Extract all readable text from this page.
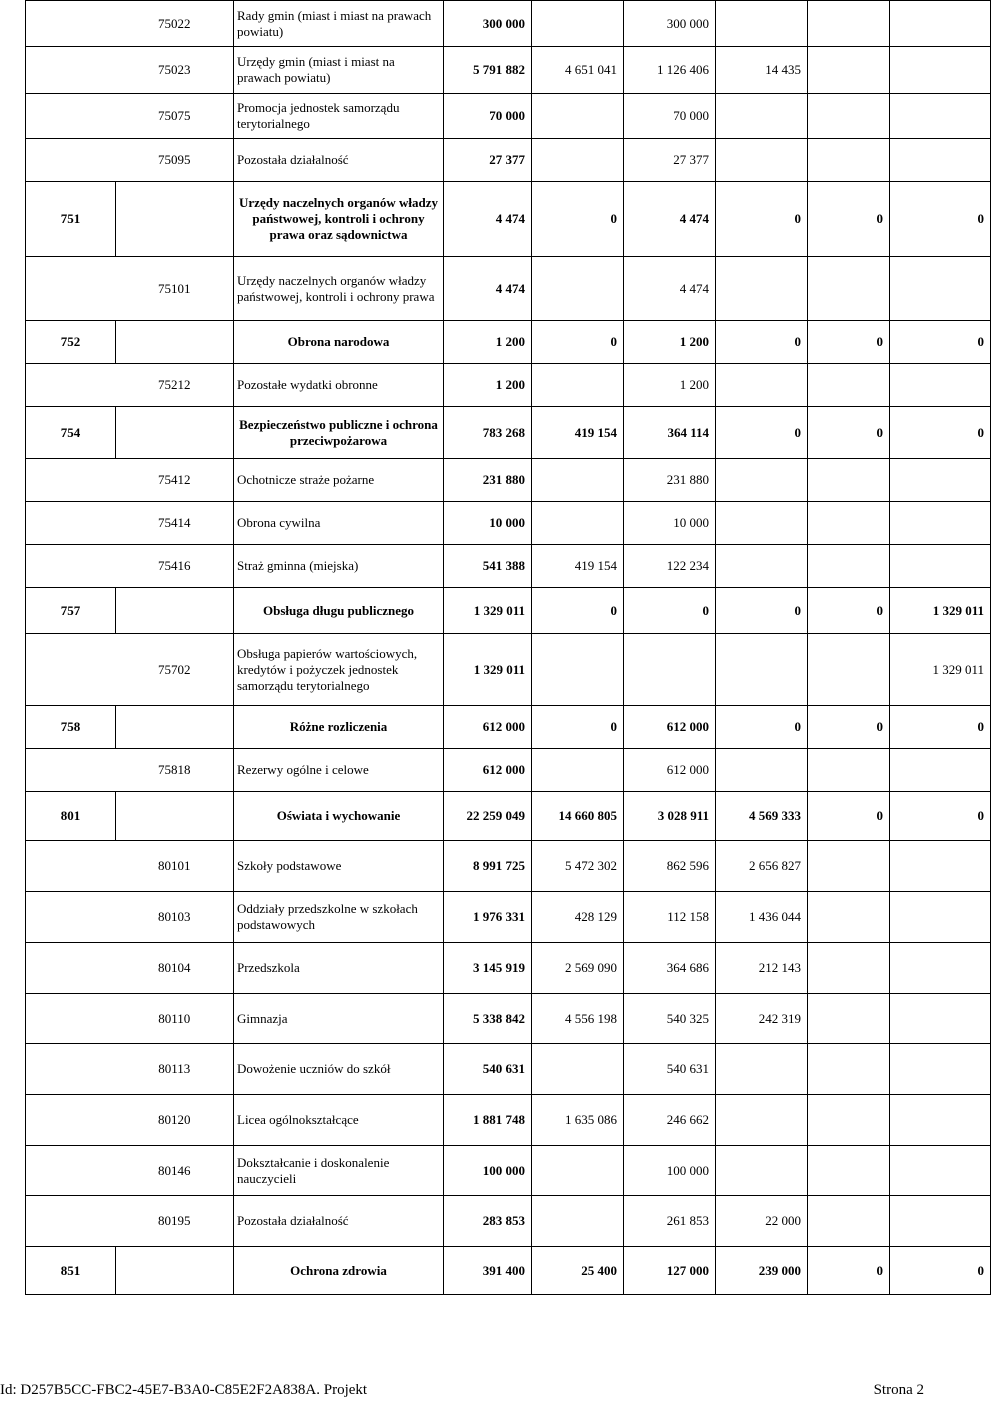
	75022	Rady gmin (miast i miast na prawach powiatu)	300 000		300 000			
	75023	Urzędy gmin (miast i miast na prawach powiatu)	5 791 882	4 651 041	1 126 406	14 435		
	75075	Promocja jednostek samorządu terytorialnego	70 000		70 000			
	75095	Pozostała działalność	27 377		27 377			
751		Urzędy naczelnych organów władzy państwowej, kontroli i ochrony prawa oraz sądownictwa	4 474	0	4 474	0	0	0
	75101	Urzędy naczelnych organów władzy państwowej, kontroli i ochrony prawa	4 474		4 474			
752		Obrona narodowa	1 200	0	1 200	0	0	0
	75212	Pozostałe wydatki obronne	1 200		1 200			
754		Bezpieczeństwo publiczne i ochrona przeciwpożarowa	783 268	419 154	364 114	0	0	0
	75412	Ochotnicze straże pożarne	231 880		231 880			
	75414	Obrona cywilna	10 000		10 000			
	75416	Straż gminna (miejska)	541 388	419 154	122 234			
757		Obsługa długu publicznego	1 329 011	0	0	0	0	1 329 011
	75702	Obsługa papierów wartościowych, kredytów i pożyczek jednostek samorządu terytorialnego	1 329 011					1 329 011
758		Różne rozliczenia	612 000	0	612 000	0	0	0
	75818	Rezerwy ogólne i celowe	612 000		612 000			
801		Oświata i wychowanie	22 259 049	14 660 805	3 028 911	4 569 333	0	0
	80101	Szkoły podstawowe	8 991 725	5 472 302	862 596	2 656 827		
	80103	Oddziały przedszkolne w szkołach podstawowych	1 976 331	428 129	112 158	1 436 044		
	80104	Przedszkola	3 145 919	2 569 090	364 686	212 143		
	80110	Gimnazja	5 338 842	4 556 198	540 325	242 319		
	80113	Dowożenie uczniów do szkół	540 631		540 631			
	80120	Licea ogólnokształcące	1 881 748	1 635 086	246 662			
	80146	Dokształcanie i doskonalenie nauczycieli	100 000		100 000			
	80195	Pozostała działalność	283 853		261 853	22 000		
851		Ochrona zdrowia	391 400	25 400	127 000	239 000	0	0
Id: D257B5CC-FBC2-45E7-B3A0-C85E2F2A838A. Projekt	Strona 2
